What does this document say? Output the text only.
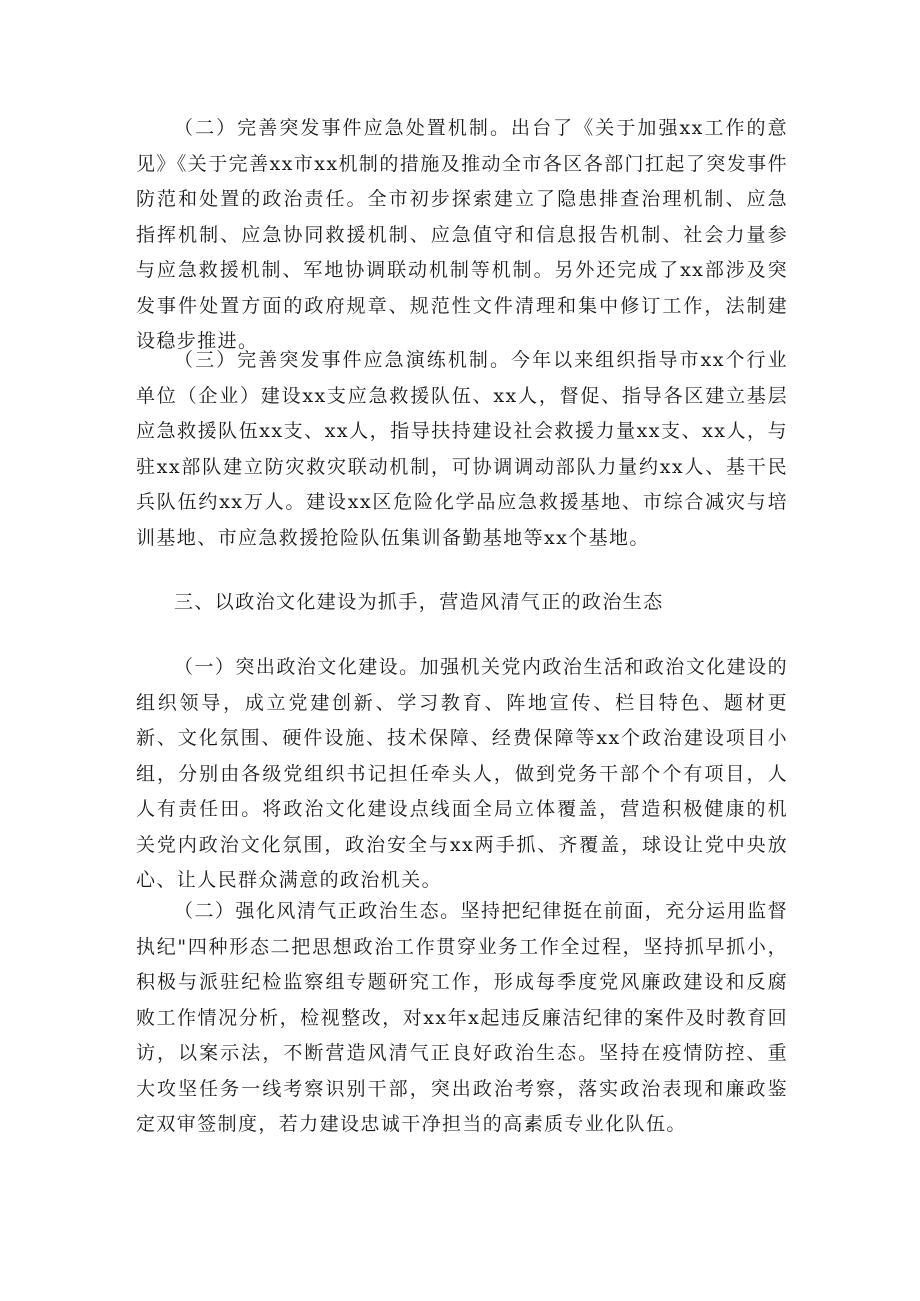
（二）完善突发事件应急处置机制。出台了《关于加强xx工作的意见》《关于完善xx市xx机制的措施及推动全市各区各部门扛起了突发事件防范和处置的政治责任。全市初步探索建立了隐患排查治理机制、应急指挥机制、应急协同救援机制、应急值守和信息报告机制、社会力量参与应急救援机制、军地协调联动机制等机制。另外还完成了xx部涉及突发事件处置方面的政府规章、规范性文件清理和集中修订工作，法制建设稳步推进。

（三）完善突发事件应急演练机制。今年以来组织指导市xx个行业单位（企业）建设xx支应急救援队伍、xx人，督促、指导各区建立基层应急救援队伍xx支、xx人，指导扶持建设社会救援力量xx支、xx人，与驻xx部队建立防灾救灾联动机制，可协调调动部队力量约xx人、基干民兵队伍约xx万人。建设xx区危险化学品应急救援基地、市综合减灾与培训基地、市应急救援抢险队伍集训备勤基地等xx个基地。

三、以政治文化建设为抓手，营造风清气正的政治生态

（一）突出政治文化建设。加强机关党内政治生活和政治文化建设的组织领导，成立党建创新、学习教育、阵地宣传、栏目特色、题材更新、文化氛围、硬件设施、技术保障、经费保障等xx个政治建设项目小组，分别由各级党组织书记担任牵头人，做到党务干部个个有项目，人人有责任田。将政治文化建设点线面全局立体覆盖，营造积极健康的机关党内政治文化氛围，政治安全与xx两手抓、齐覆盖，球设让党中央放心、让人民群众满意的政治机关。

（二）强化风清气正政治生态。坚持把纪律挺在前面，充分运用监督执纪"四种形态二把思想政治工作贯穿业务工作全过程，坚持抓早抓小，积极与派驻纪检监察组专题研究工作，形成每季度党风廉政建设和反腐败工作情况分析，检视整改，对xx年x起违反廉洁纪律的案件及时教育回访，以案示法，不断营造风清气正良好政治生态。坚持在疫情防控、重大攻坚任务一线考察识别干部，突出政治考察，落实政治表现和廉政鉴定双审签制度，若力建设忠诚干净担当的高素质专业化队伍。
